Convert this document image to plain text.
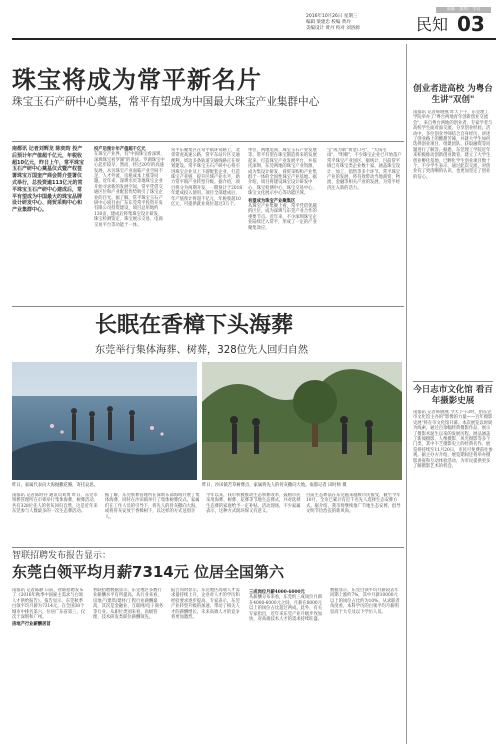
南都 · 深圳 · 今日
2016年10月26日 星期三
编辑 梁建忠 校编 黄玲
美编设计 黄丹 校对 刘洛源	民知 03
珠宝将成为常平新名片
珠宝玉石产研中心奠基，常平有望成为中国最大珠宝产业集群中心
南都讯 记者刘辉龙 陈奕昀 投产后预计年产值超千亿元，年税收超10亿元，昨日上午，常平珠宝玉石产研中心奠基仪式暨产权签署珠宝万国奎产商会简介签署仪式举行，总投资逾113亿元的常平珠宝玉石产研中心建成后，常平有望成为中国最大的珠宝品牌设计研发中心、商贸采购中心和产业集群中心。
投产后预计年产值超千亿元
在珠宝产业界，有"中国珠宝看深圳，深圳珠宝看罗湖"的说法。罗湖珠宝中心起步较早，然而，经过20年的高速发展，水贝珠宝产业面临产业空间不足、人才外流、房租成本上涨等问题。近年来，深圳水贝等地珠宝企业开始寻求新的发展空间，常平凭借交通区位和产业配套优势吸引了珠宝企业的目光。据了解，常平珠宝玉石产研中心项目由广东东莞常平投资开发有限公司投资建设，项目总用地约130亩，建成后将集珠宝设计研发、珠宝检测鉴定、珠宝展示交易、电商交易平台等功能于一体。
常平东聚集区在常平镇环常路上，北邻常虎高速公路，常平东站片区交通便利，周边多条轨道交通线路正在规划建设。常平珠宝玉石产研中心将引进珠宝企业及上下游配套企业，打造珠宝产业链，提升区域产业水平，助力常平镇产业转型升级。据介绍，项目将分为两期开发，一期预计于2018年建成投入使用。项目全部建成后，年产值预计将超千亿元，年税收超10亿元，可提供就业岗位超过3万个。
单位，两地电商、珠宝玉石产业发展等。常平有望在珠宝制造将来的发展起来，打造珠宝产业发展平台，并依托深圳、东莞两地的珠宝产业资源，成为集设计研发、商贸采购和产业集群于一体的全国性珠宝产业基地。据介绍，项目将建设珠宝设计研发中心、珠宝检测中心、珠宝交易中心、珠宝文化展示中心等功能区域。
有望成为珠宝产业聚集区
从珠宝产业集聚上看，常平凭借优越的区位，成为深圳与东莞产业合作的重要节点。近年来，不少深圳珠宝企业陆续迁入常平，形成了一定的产业聚集效应。
宝"成为新"黄金口号"，"大钱毛雨"，"明朝"，不少珠宝企业已开始落户常平珠宝产业园区。据统计，目前常平镇已有珠宝类企业数十家，涵盖珠宝设计、加工、销售等多个环节。常平珠宝产业的发展，将有效带动当地商贸、物流、金融等相关产业的发展，为常平经济注入新的活力。
长眠在香樟下头海葬
东莞举行集体海葬、树葬，328位先人回归自然
昨日，家属代表向大海抛撒花瓣，寄托哀思。	昨日，沙田镇苦草树葬点，家属将先人的骨灰撒向大地。南都记者 田时师 摄
南都讯 记者陈时存 通讯员刘勇 昨日，东莞市殡葬管理所在市郊举行集体海葬、树葬活动，共有328位先人的骨灰回归自然，这是近年来东莞参与人数最多的一次生态葬活动。
据了解，东莞殡葬管理所在深圳东部海域开展了集体海葬，同时在沙田镇举行了集体树葬仪式。家属们在工作人员的引导下，将先人的骨灰撒向大海，或将骨灰安放于香樟树下，以这样的方式送别亲人。
今年以来，我市积极推动生态殡葬改革，鼓励市民采用海葬、树葬、花葬等节地生态葬式，并对选择生态葬的家庭给予一定补贴。活动现场，不少家属表示，这种方式既环保又有意义。
目前生态葬法在东莞越来越被市民接受，截至今年10月，全市已累计有近千名先人选择生态安葬方式。据介绍，我市将继续推广节地生态安葬，倡导文明节俭治丧的新风尚。
智联招聘发布报告显示：
东莞白领平均月薪7314元 位居全国第六
南都讯 记者陈静 日前，智联招聘发布了《2016年秋季中国雇主需求与白领人才供给报告》。报告显示，东莞秋季白领平均月薪为7314元，在全国38个城市中排名第六，位居广东省第三，仅次于深圳和广州。
房地产行业薪酬居首
智联招聘数据显示，东莞地区多数行业薪酬水平有所提高。从行业来看，房地产/建筑/建材/工程行业薪酬最高，其次是金融业、互联网/电子商务等行业。从职位类别来看，高级管理、技术研发类职位薪酬领先。
报告同时显示，东莞地区高端人才需求量持续上升，企业对人才的学历和经验要求逐步提高。专家表示，东莞产业转型升级的加速，带动了相关人才的薪酬增长，未来高端人才的竞争将更加激烈。
三成岗位月薪4000-6000元
从薪酬分布来看，东莞约三成岗位月薪在4000-6000元之间，月薪在8000元以上的岗位占比超过两成。此外，有关专家指出，近年来东莞产业升级步伐加快，对高端技术人才的需求持续旺盛。
数据显示，东莞白领平均月薪较去年同期上涨约7%，其中月薪10000元以上的岗位占比约为10%。从求职者角度看，本科学历的白领平均月薪明显高于大专及以下学历人员。
创业者进高校 为粤台生讲"双创"
南都讯 记者韩晓燕 昨天下午，东莞理工学院举办了"粤台两地青年创新创业交流会"，来自粤台两地的创业者、专家学者与高校学生面对面交流，分享创业经验。活动中，多位创业导师结合自身经历，讲述了创业路上的酸甜苦辣，并就大学生如何选择创业项目、组建团队、获取融资等问题进行了解答。据悉，东莞理工学院近年来积极推动创新创业教育，建立了大学生创业孵化基地，已孵化学生创业项目数十个。不少学生表示，通过此次交流，对创业有了更清晰的认识，也更加坚定了创业的信心。
今日志市文化馆 看百年摄影史展
南都讯 记者韩晓燕 今天下午3时，由东莞市文化馆主办的"影像的力量——百年摄影史展"将在市文化馆开幕。本次展览以时间为线索，通过百余幅经典摄影作品，展示了摄影术诞生以来的发展历程。展品涵盖了新闻摄影、人像摄影、风光摄影等多个门类，其中不乏摄影史上的经典名作。展览将持续至11月20日，市民可免费前往参观。据主办方介绍，展览期间还将举办摄影讲座和互动体验活动，为市民提供更多了解摄影艺术的机会。
